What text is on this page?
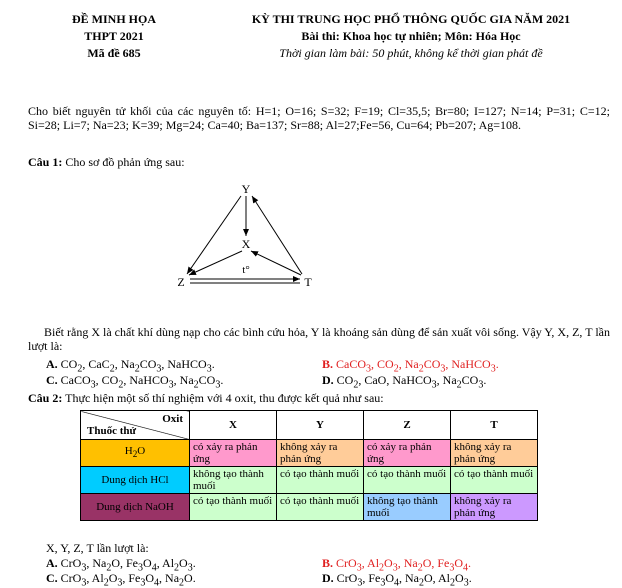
ĐỀ MINH HỌA
THPT 2021
Mã đề 685
KỲ THI TRUNG HỌC PHỔ THÔNG QUỐC GIA NĂM 2021
Bài thi: Khoa học tự nhiên; Môn: Hóa Học
Thời gian làm bài: 50 phút, không kể thời gian phát đề
Cho biết nguyên tử khối của các nguyên tố: H=1; O=16; S=32; F=19; Cl=35,5; Br=80; I=127; N=14; P=31; C=12; Si=28; Li=7; Na=23; K=39; Mg=24; Ca=40; Ba=137; Sr=88; Al=27;Fe=56, Cu=64; Pb=207; Ag=108.
Câu 1: Cho sơ đồ phản ứng sau:
Y
X
Z	T
t°
Biết rằng X là chất khí dùng nạp cho các bình cứu hỏa, Y là khoáng sản dùng để sản xuất vôi sống. Vậy Y, X, Z, T lần lượt là:
A. $CO_2$, CaC$_2$, $Na_2CO_3$, NaHCO$_3$.	B. CaCO$_3$, $CO_2$, $Na_2CO_3$, NaHCO$_3$.
C. CaCO$_3$, $CO_2$, NaHCO$_3$, $Na_2CO_3$.	D. $CO_2$, CaO, NaHCO$_3$, $Na_2CO_3$.
Câu 2: Thực hiện một số thí nghiệm với 4 oxit, thu được kết quả như sau:
Oxit
Thuốc thử	X	Y	Z	T
$H_2O$	có xảy ra phản ứng	không xảy ra phản ứng	có xảy ra phản ứng	không xảy ra phản ứng
Dung dịch HCl	không tạo thành muối	có tạo thành muối	có tạo thành muối	có tạo thành muối
Dung dịch NaOH	có tạo thành muối	có tạo thành muối	không tạo thành muối	không xảy ra phản ứng
X, Y, Z, T lần lượt là:
A. CrO$_3$, $Na_2O$, $Fe_3O_4$, $Al_2O_3$.	B. CrO$_3$, $Al_2O_3$, $Na_2O$, $Fe_3O_4$.
C. CrO$_3$, $Al_2O_3$, $Fe_3O_4$, $Na_2O$.	D. CrO$_3$, $Fe_3O_4$, $Na_2O$, $Al_2O_3$.
